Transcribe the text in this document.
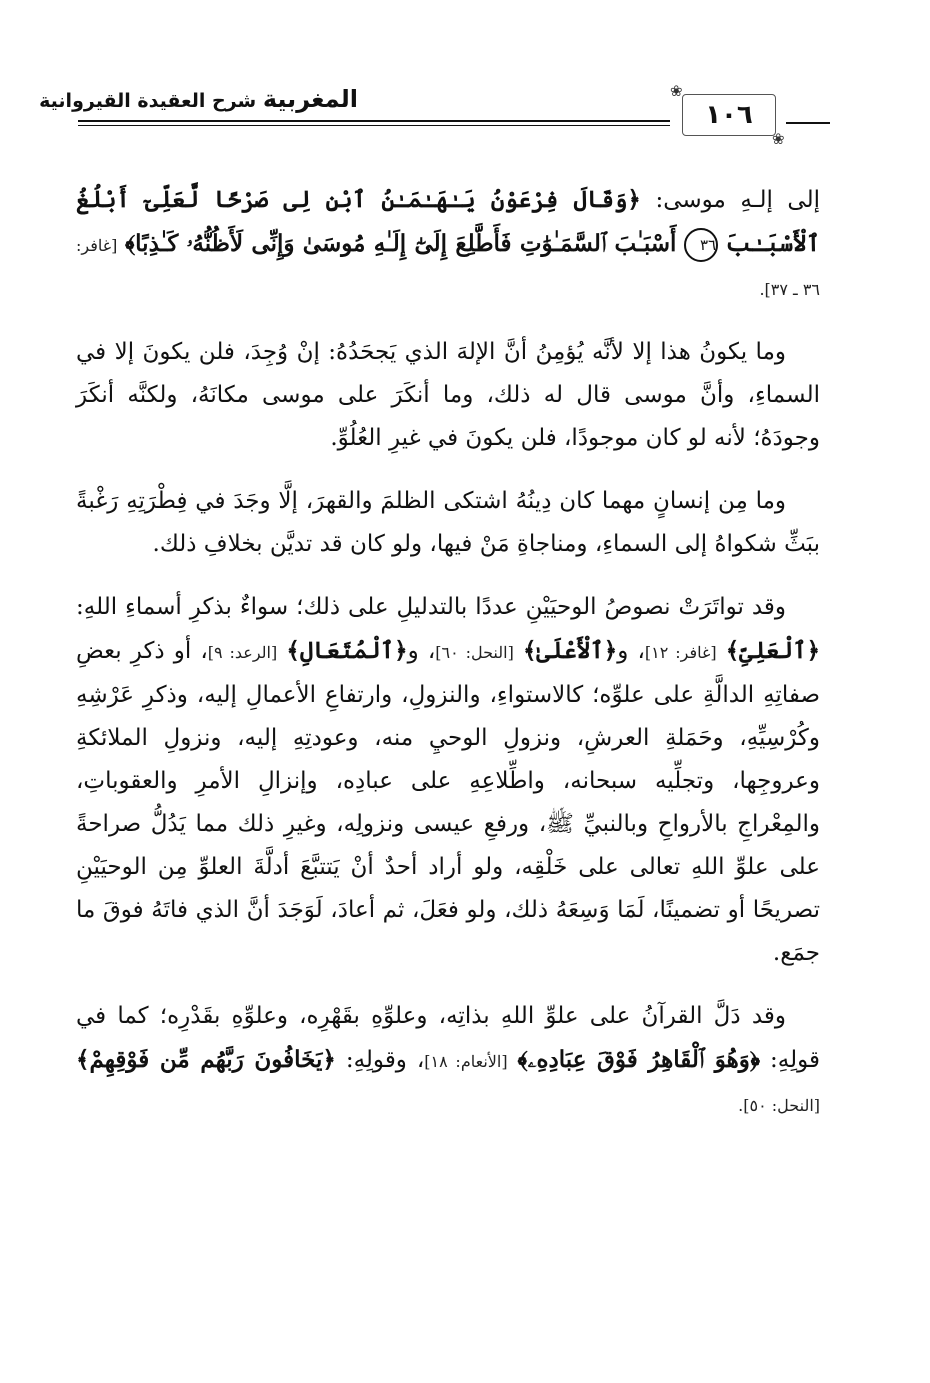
المغربية شرح العقيدة القيروانية	❀
١٠٦
❀

إلى إلـهِ موسى: ﴿وَقَالَ فِرْعَوْنُ يَـٰهَـٰمَـٰنُ ٱبْنِ لِى صَرْحًا لَّعَلِّىٓ أَبْلُغُ ٱلْأَسْبَـٰبَ ٣٦ أَسْبَـٰبَ ٱلسَّمَـٰوَٰتِ فَأَطَّلِعَ إِلَىٰٓ إِلَـٰهِ مُوسَىٰ وَإِنِّى لَأَظُنُّهُۥ كَـٰذِبًا﴾ [غافر: ٣٦ ـ ٣٧].

وما يكونُ هذا إلا لأنَّه يُؤمِنُ أنَّ الإلهَ الذي يَجحَدُهُ: إنْ وُجِدَ، فلن يكونَ إلا في السماءِ، وأنَّ موسى قال له ذلك، وما أنكَرَ على موسى مكانَهُ، ولكنَّه أنكَرَ وجودَهُ؛ لأنه لو كان موجودًا، فلن يكونَ في غيرِ العُلُوِّ.

وما مِن إنسانٍ مهما كان دِينُهُ اشتكى الظلمَ والقهرَ، إلَّا وجَدَ في فِطْرَتِهِ رَغْبةً ببَثِّ شكواهُ إلى السماءِ، ومناجاةِ مَنْ فيها، ولو كان قد تديَّن بخلافِ ذلك.

وقد تواتَرَتْ نصوصُ الوحيَيْنِ عددًا بالتدليلِ على ذلك؛ سواءٌ بذكرِ أسماءِ اللهِ: ﴿ٱلْعَلِىِّ﴾ [غافر: ١٢]، و﴿ٱلْأَعْلَىٰ﴾ [النحل: ٦٠]، و﴿ٱلْمُتَعَالِ﴾ [الرعد: ٩]، أو ذكرِ بعضِ صفاتِهِ الدالَّةِ على علوِّه؛ كالاستواءِ، والنزولِ، وارتفاعِ الأعمالِ إليه، وذكرِ عَرْشِهِ وكُرْسِيِّهِ، وحَمَلةِ العرشِ، ونزولِ الوحيِ منه، وعودتِهِ إليه، ونزولِ الملائكةِ وعروجِها، وتجلِّيه سبحانه، واطِّلاعِهِ على عبادِه، وإنزالِ الأمرِ والعقوباتِ، والمِعْراجِ بالأرواحِ وبالنبيِّ ﷺ، ورفعِ عيسى ونزولِه، وغيرِ ذلك مما يَدُلُّ صراحةً على علوِّ اللهِ تعالى على خَلْقِه، ولو أراد أحدٌ أنْ يَتتبَّعَ أدلَّةَ العلوِّ مِن الوحيَيْنِ تصريحًا أو تضمينًا، لَمَا وَسِعَهُ ذلك، ولو فعَلَ، ثم أعادَ، لَوَجَدَ أنَّ الذي فاتَهُ فوقَ ما جمَع.

وقد دَلَّ القرآنُ على علوِّ اللهِ بذاتِه، وعلوِّهِ بقَهْرِه، وعلوِّهِ بقَدْرِه؛ كما في قولِهِ: ﴿وَهُوَ ٱلْقَاهِرُ فَوْقَ عِبَادِهِۦ﴾ [الأنعام: ١٨]، وقولِهِ: ﴿يَخَافُونَ رَبَّهُم مِّن فَوْقِهِمْ﴾ [النحل: ٥٠].
